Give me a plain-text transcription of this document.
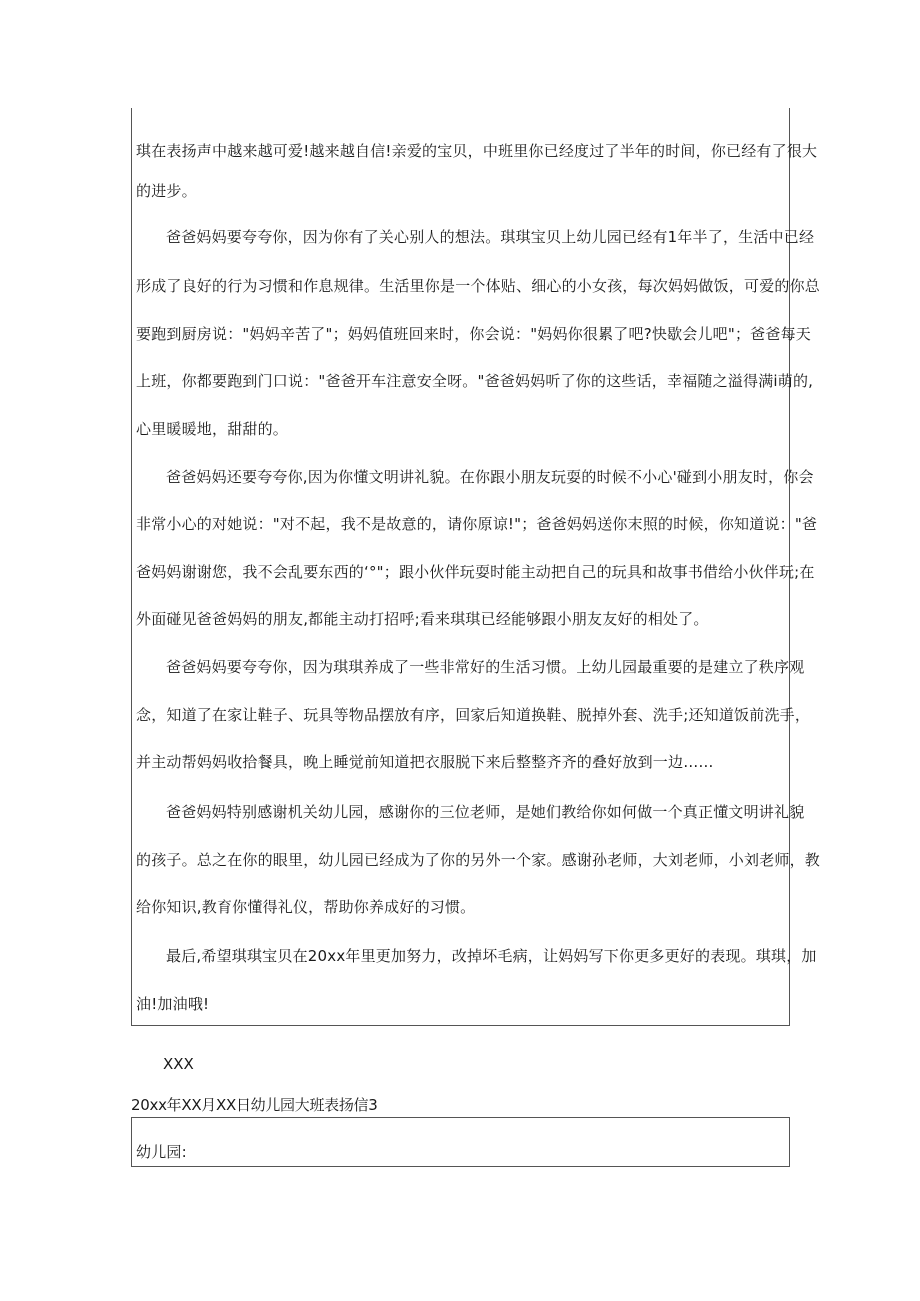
琪在表扬声中越来越可爱!越来越自信!亲爱的宝贝，中班里你已经度过了半年的时间，你已经有了很大
的进步。
爸爸妈妈要夸夸你，因为你有了关心别人的想法。琪琪宝贝上幼儿园已经有1年半了，生活中已经
形成了良好的行为习惯和作息规律。生活里你是一个体贴、细心的小女孩，每次妈妈做饭，可爱的你总
要跑到厨房说："妈妈辛苦了"；妈妈值班回来时，你会说："妈妈你很累了吧?快歇会儿吧"；爸爸每天
上班，你都要跑到门口说："爸爸开车注意安全呀。"爸爸妈妈听了你的这些话，幸福随之溢得满i萌的,
心里暖暖地，甜甜的。
爸爸妈妈还要夸夸你,因为你懂文明讲礼貌。在你跟小朋友玩耍的时候不小心'碰到小朋友时，你会
非常小心的对她说："对不起，我不是故意的，请你原谅!"；爸爸妈妈送你末照的时候，你知道说："爸
爸妈妈谢谢您，我不会乱要东西的‘°"；跟小伙伴玩耍时能主动把自己的玩具和故事书借给小伙伴玩;在
外面碰见爸爸妈妈的朋友,都能主动打招呼;看来琪琪已经能够跟小朋友友好的相处了。
爸爸妈妈要夸夸你，因为琪琪养成了一些非常好的生活习惯。上幼儿园最重要的是建立了秩序观
念，知道了在家让鞋子、玩具等物品摆放有序，回家后知道换鞋、脱掉外套、洗手;还知道饭前洗手，
并主动帮妈妈收拾餐具，晚上睡觉前知道把衣服脱下来后整整齐齐的叠好放到一边……
爸爸妈妈特别感谢机关幼儿园，感谢你的三位老师，是她们教给你如何做一个真正懂文明讲礼貌
的孩子。总之在你的眼里，幼儿园已经成为了你的另外一个家。感谢孙老师，大刘老师，小刘老师，教
给你知识,教育你懂得礼仪，帮助你养成好的习惯。
最后,希望琪琪宝贝在20xx年里更加努力，改掉坏毛病，让妈妈写下你更多更好的表现。琪琪，加
油!加油哦!
XXX
20xx年XX月XX日幼儿园大班表扬信3
幼儿园:
